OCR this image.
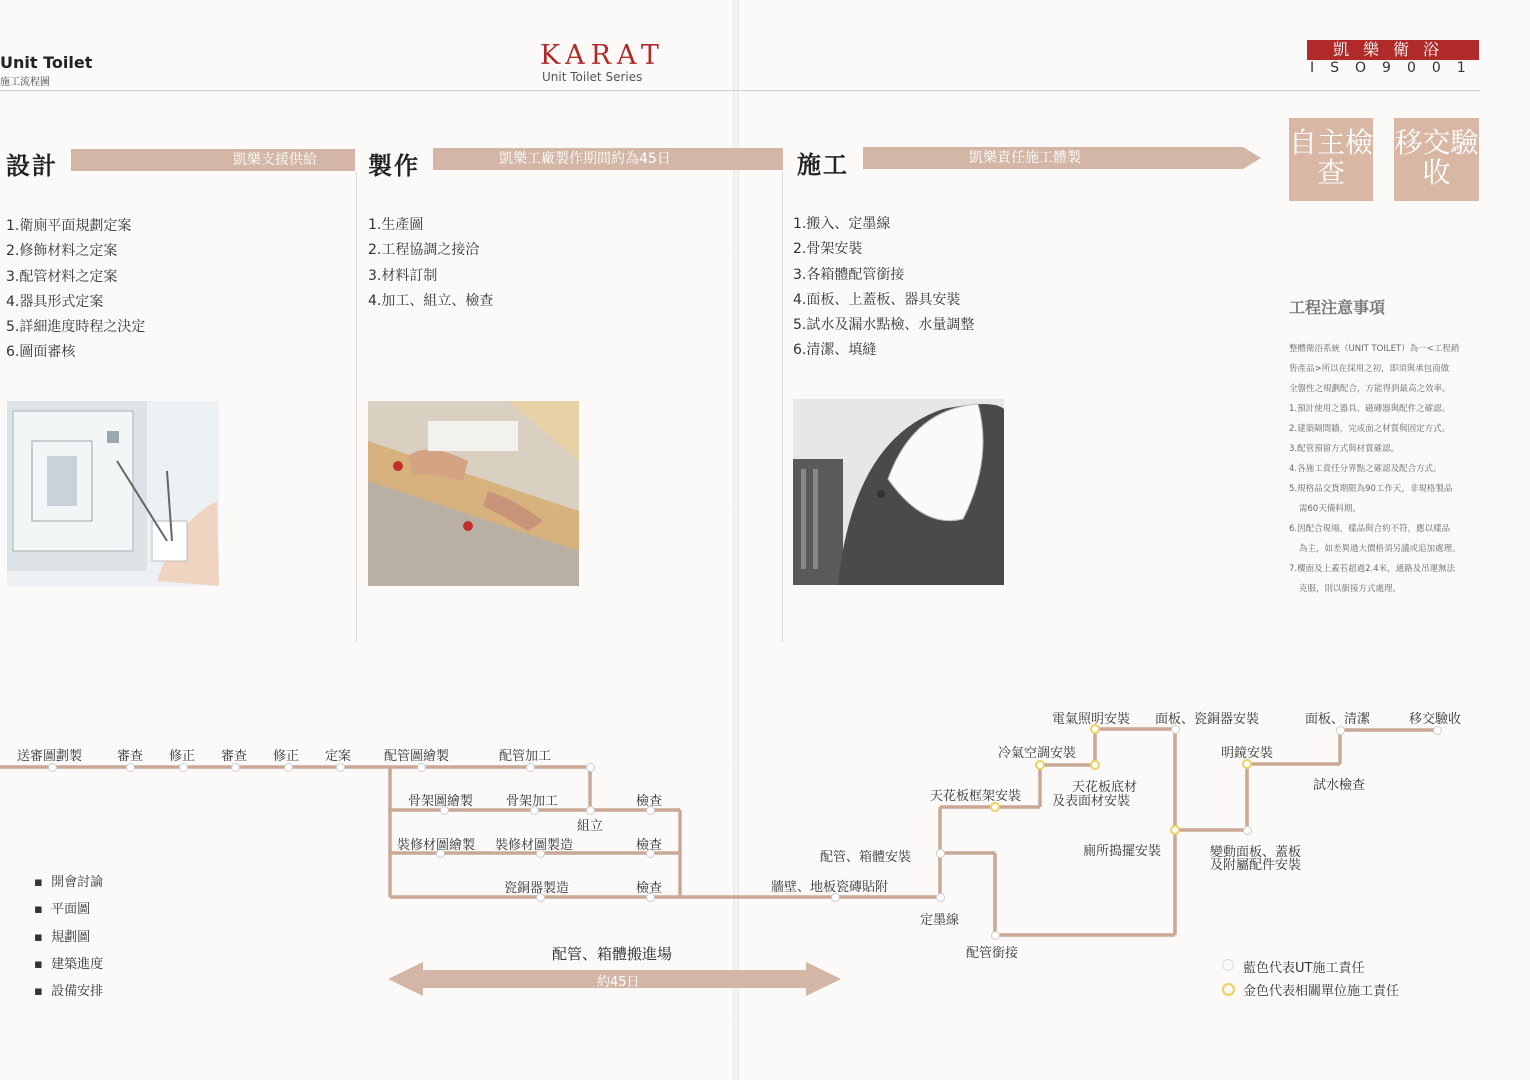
Unit Toilet
施工流程圖
KARAT
Unit Toilet Series
凱樂衛浴
ISO9001
設計	凱樂支援供給
1.衛廁平面規劃定案
2.修飾材料之定案
3.配管材料之定案
4.器具形式定案
5.詳細進度時程之決定
6.圖面審核
製作	凱樂工廠製作期間約為45日
1.生產圖
2.工程協調之接洽
3.材料訂制
4.加工、組立、檢查
施工	凱樂責任施工體製
1.搬入、定墨線
2.骨架安裝
3.各箱體配管銜接
4.面板、上蓋板、器具安裝
5.試水及漏水點檢、水量調整
6.清潔、填縫
自主檢查
移交驗收
工程注意事項

整體衛浴系統（UNIT TOILET）為一<工程銷

售產品>所以在採用之初，即須與承包商做

全盤性之規劃配合，方能得到最高之效率。

1.預計使用之器具、磁磚器與配件之確認。

2.建築隔間牆，完成面之材質與固定方式。

3.配管預留方式與材質確認。

4.各施工責任分界點之確認及配合方式。

5.規格品交貨期限為90工作天，非規格製品

需60天備料期。

6.因配合現場，樣品與合約不符，應以樣品

為主，如差異過大價格須另議或追加處理。

7.樓面及上蓋若超過2.4米，通路及吊運無法

克服，則以銜接方式處理。

送審圖劃製	審查 修正 審查 修正 定案	配管圖繪製	配管加工
骨架圖繪製	骨架加工	檢查
組立
裝修材圖繪製 裝修材圖製造	檢查
瓷銅器製造	檢查	牆壁、地板瓷磚貼附
配管、箱體安裝
定墨線
配管銜接
天花板框架安裝
天花板底材
及表面材安裝
冷氣空調安裝
電氣照明安裝 面板、瓷銅器安裝
廁所搗擺安裝	變動面板、蓋板
及附屬配件安裝
明鏡安裝
面板、清潔
試水檢查
移交驗收
▪  開會討論
▪  平面圖
▪  規劃圖
▪  建築進度
▪  設備安排
配管、箱體搬進場
約45日
藍色代表UT施工責任
金色代表相關單位施工責任
